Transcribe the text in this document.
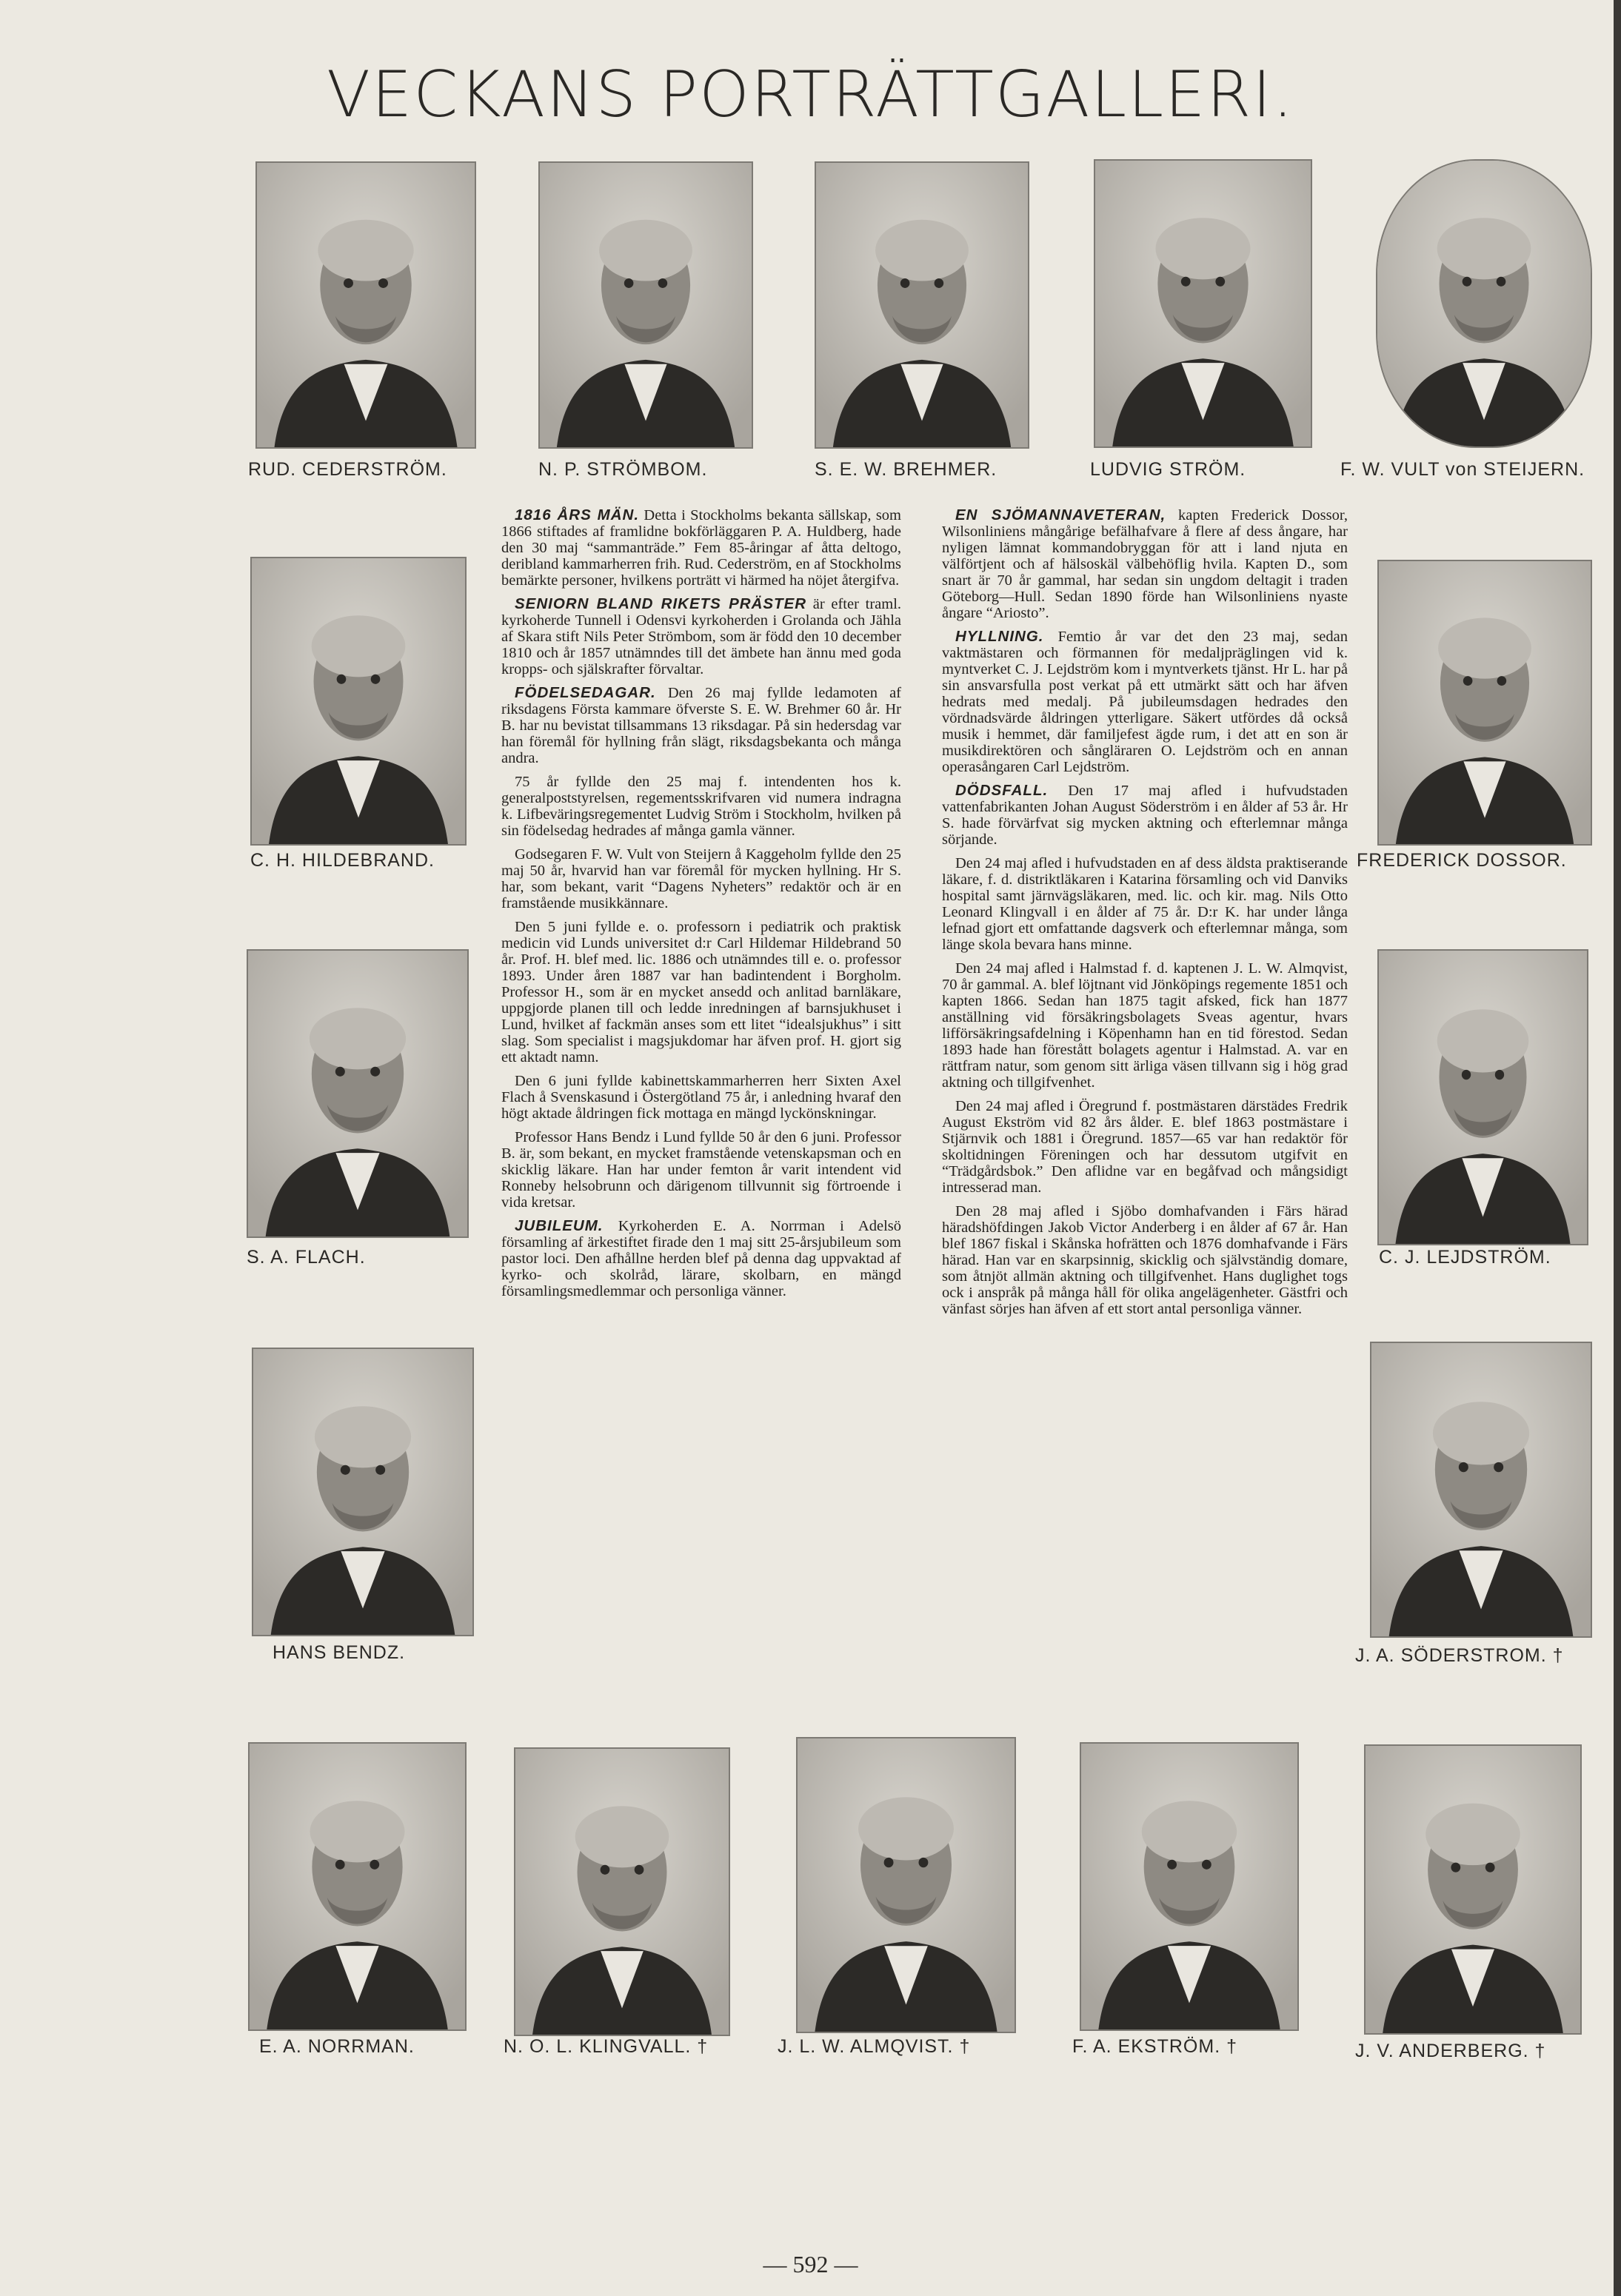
VECKANS PORTRÄTTGALLERI.
RUD. CEDERSTRÖM.	N. P. STRÖMBOM.	S. E. W. BREHMER.	LUDVIG STRÖM.	F. W. VULT von STEIJERN.
C. H. HILDEBRAND.
S. A. FLACH.
HANS BENDZ.
FREDERICK DOSSOR.
C. J. LEJDSTRÖM.
J. A. SÖDERSTROM. †
E. A. NORRMAN.	N. O. L. KLINGVALL. †	J. L. W. ALMQVIST. †	F. A. EKSTRÖM. †	J. V. ANDERBERG. †

1816 ÅRS MÄN. Detta i Stockholms bekanta sällskap, som 1866 stiftades af framlidne bokförläggaren P. A. Huldberg, hade den 30 maj “sammanträde.” Fem 85-åringar af åtta deltogo, deribland kammarherren frih. Rud. Cederström, en af Stockholms bemärkte personer, hvilkens porträtt vi härmed ha nöjet återgifva.

SENIORN BLAND RIKETS PRÄSTER är efter traml. kyrkoherde Tunnell i Odensvi kyrkoherden i Grolanda och Jähla af Skara stift Nils Peter Strömbom, som är född den 10 december 1810 och år 1857 utnämndes till det ämbete han ännu med goda kropps- och själskrafter förvaltar.

FÖDELSEDAGAR. Den 26 maj fyllde ledamoten af riksdagens Första kammare öfverste S. E. W. Brehmer 60 år. Hr B. har nu bevistat tillsammans 13 riksdagar. På sin hedersdag var han föremål för hyllning från slägt, riksdagsbekanta och många andra.

75 år fyllde den 25 maj f. intendenten hos k. generalpoststyrelsen, regementsskrifvaren vid numera indragna k. Lifbeväringsregementet Ludvig Ström i Stockholm, hvilken på sin födelsedag hedrades af många gamla vänner.

Godsegaren F. W. Vult von Steijern å Kaggeholm fyllde den 25 maj 50 år, hvarvid han var föremål för mycken hyllning. Hr S. har, som bekant, varit “Dagens Nyheters” redaktör och är en framstående musikkännare.

Den 5 juni fyllde e. o. professorn i pediatrik och praktisk medicin vid Lunds universitet d:r Carl Hildemar Hildebrand 50 år. Prof. H. blef med. lic. 1886 och utnämndes till e. o. professor 1893. Under åren 1887 var han badintendent i Borgholm. Professor H., som är en mycket ansedd och anlitad barnläkare, uppgjorde planen till och ledde inredningen af barnsjukhuset i Lund, hvilket af fackmän anses som ett litet “idealsjukhus” i sitt slag. Som specialist i magsjukdomar har äfven prof. H. gjort sig ett aktadt namn.

Den 6 juni fyllde kabinettskammarherren herr Sixten Axel Flach å Svenskasund i Östergötland 75 år, i anledning hvaraf den högt aktade åldringen fick mottaga en mängd lyckönskningar.

Professor Hans Bendz i Lund fyllde 50 år den 6 juni. Professor B. är, som bekant, en mycket framstående vetenskapsman och en skicklig läkare. Han har under femton år varit intendent vid Ronneby helsobrunn och därigenom tillvunnit sig förtroende i vida kretsar.

JUBILEUM. Kyrkoherden E. A. Norrman i Adelsö församling af ärkestiftet firade den 1 maj sitt 25-årsjubileum som pastor loci. Den afhållne herden blef på denna dag uppvaktad af kyrko- och skolråd, lärare, skolbarn, en mängd församlingsmedlemmar och personliga vänner.

EN SJÖMANNAVETERAN, kapten Frederick Dossor, Wilsonliniens mångårige befälhafvare å flere af dess ångare, har nyligen lämnat kommandobryggan för att i land njuta en välförtjent och af hälsoskäl välbehöflig hvila. Kapten D., som snart är 70 år gammal, har sedan sin ungdom deltagit i traden Göteborg—Hull. Sedan 1890 förde han Wilsonliniens nyaste ångare “Ariosto”.

HYLLNING. Femtio år var det den 23 maj, sedan vaktmästaren och förmannen för medaljpräglingen vid k. myntverket C. J. Lejdström kom i myntverkets tjänst. Hr L. har på sin ansvarsfulla post verkat på ett utmärkt sätt och har äfven hedrats med medalj. På jubileumsdagen hedrades den vördnadsvärde åldringen ytterligare. Säkert utfördes då också musik i hemmet, där familjefest ägde rum, i det att en son är musikdirektören och sångläraren O. Lejdström och en annan operasångaren Carl Lejdström.

DÖDSFALL. Den 17 maj afled i hufvudstaden vattenfabrikanten Johan August Söderström i en ålder af 53 år. Hr S. hade förvärfvat sig mycken aktning och efterlemnar många sörjande.

Den 24 maj afled i hufvudstaden en af dess äldsta praktiserande läkare, f. d. distriktläkaren i Katarina församling och vid Danviks hospital samt järnvägsläkaren, med. lic. och kir. mag. Nils Otto Leonard Klingvall i en ålder af 75 år. D:r K. har under långa lefnad gjort ett omfattande dagsverk och efterlemnar många, som länge skola bevara hans minne.

Den 24 maj afled i Halmstad f. d. kaptenen J. L. W. Almqvist, 70 år gammal. A. blef löjtnant vid Jönköpings regemente 1851 och kapten 1866. Sedan han 1875 tagit afsked, fick han 1877 anställning vid försäkringsbolagets Sveas agentur, hvars lifförsäkringsafdelning i Köpenhamn han en tid förestod. Sedan 1893 hade han förestått bolagets agentur i Halmstad. A. var en rättfram natur, som genom sitt ärliga väsen tillvann sig i hög grad aktning och tillgifvenhet.

Den 24 maj afled i Öregrund f. postmästaren därstädes Fredrik August Ekström vid 82 års ålder. E. blef 1863 postmästare i Stjärnvik och 1881 i Öregrund. 1857—65 var han redaktör för skoltidningen Föreningen och har dessutom utgifvit en “Trädgårdsbok.” Den aflidne var en begåfvad och mångsidigt intresserad man.

Den 28 maj afled i Sjöbo domhafvanden i Färs härad häradshöfdingen Jakob Victor Anderberg i en ålder af 67 år. Han blef 1867 fiskal i Skånska hofrätten och 1876 domhafvande i Färs härad. Han var en skarpsinnig, skicklig och självständig domare, som åtnjöt allmän aktning och tillgifvenhet. Hans duglighet togs ock i anspråk på många håll för olika angelägenheter. Gästfri och vänfast sörjes han äfven af ett stort antal personliga vänner.

— 592 —
